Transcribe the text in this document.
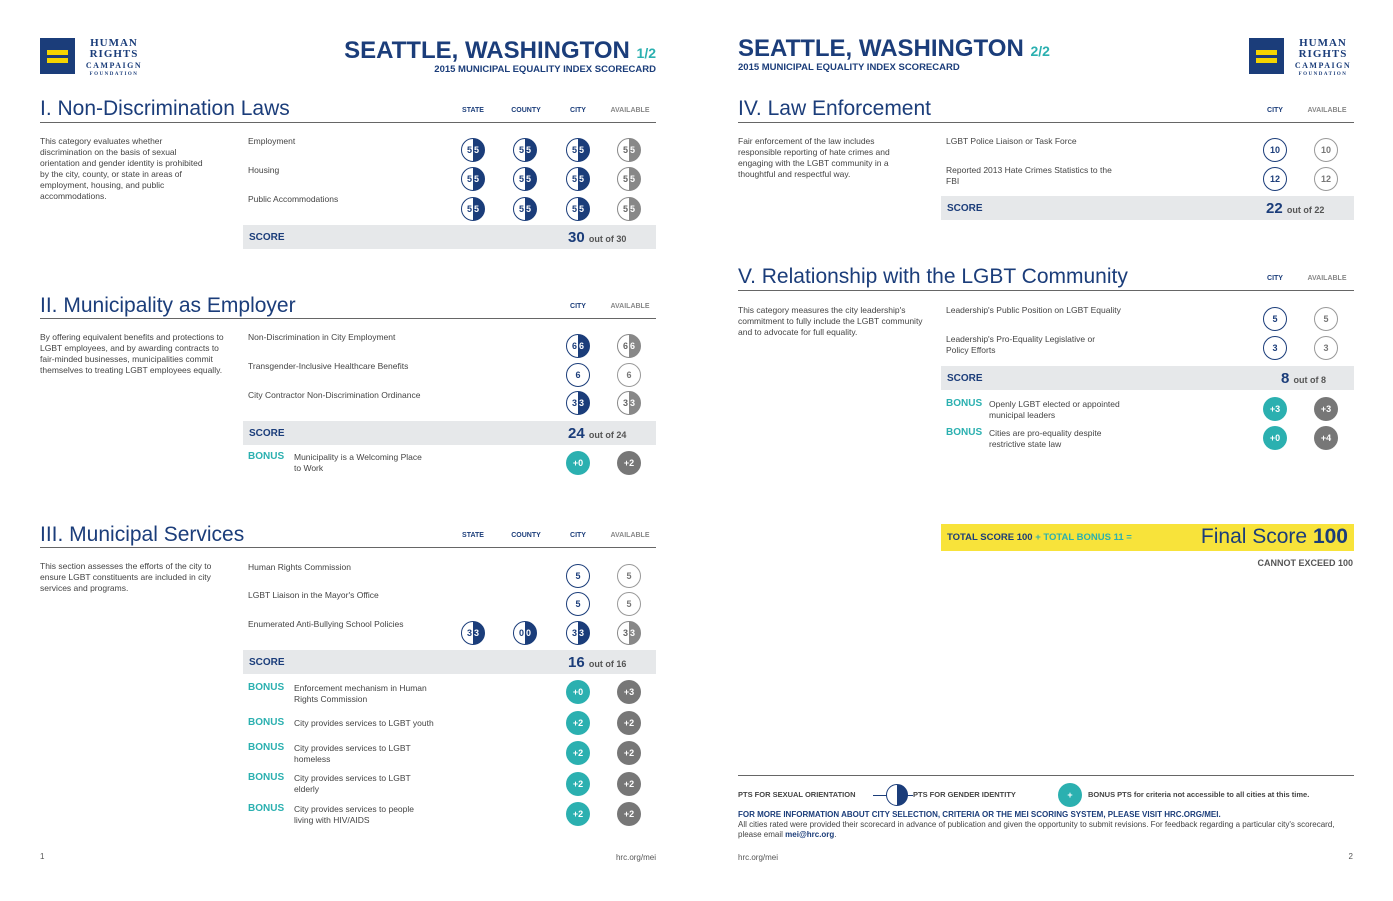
HUMAN
RIGHTS
CAMPAIGN
FOUNDATION
SEATTLE, WASHINGTON 1/2
2015 MUNICIPAL EQUALITY INDEX SCORECARD
I. Non-Discrimination Laws	STATE	COUNTY	CITY	AVAILABLE
This category evaluates whether discrimination on the basis of sexual orientation and gender identity is prohibited by the city, county, or state in areas of employment, housing, and public accommodations.
Employment
5 5	5 5	5 5	5 5
Housing
5 5	5 5	5 5	5 5
Public Accommodations
5 5	5 5	5 5	5 5
SCORE	30 out of 30
II. Municipality as Employer	CITY	AVAILABLE
By offering equivalent benefits and protections to LGBT employees, and by awarding contracts to fair-minded businesses, municipalities commit themselves to treating LGBT employees equally.
Non-Discrimination in City Employment
6 6	6 6
Transgender-Inclusive Healthcare Benefits
6	6
City Contractor Non-Discrimination Ordinance
3 3	3 3
SCORE	24 out of 24
BONUS Municipality is a Welcoming Place to Work	+0	+2
III. Municipal Services	STATE	COUNTY	CITY	AVAILABLE
This section assesses the efforts of the city to ensure LGBT constituents are included in city services and programs.
Human Rights Commission
5	5
LGBT Liaison in the Mayor's Office
5	5
Enumerated Anti-Bullying School Policies
3 3	0 0	3 3	3 3
SCORE	16 out of 16
BONUS Enforcement mechanism in Human Rights Commission
+0	+3
BONUS City provides services to LGBT youth	+2	+2
BONUS City provides services to LGBT homeless
+2	+2
BONUS City provides services to LGBT elderly	+2	+2
BONUS City provides services to people living with HIV/AIDS
+2	+2
1	hrc.org/mei
SEATTLE, WASHINGTON 2/2
2015 MUNICIPAL EQUALITY INDEX SCORECARD
HUMAN
RIGHTS
CAMPAIGN
FOUNDATION
IV. Law Enforcement	CITY	AVAILABLE
Fair enforcement of the law includes responsible reporting of hate crimes and engaging with the LGBT community in a thoughtful and respectful way.
LGBT Police Liaison or Task Force
10	10
Reported 2013 Hate Crimes Statistics to the FBI	12	12
SCORE	22 out of 22
V. Relationship with the LGBT Community	CITY	AVAILABLE
This category measures the city leadership's commitment to fully include the LGBT community and to advocate for full equality.
Leadership's Public Position on LGBT Equality
5	5
Leadership's Pro-Equality Legislative or Policy Efforts	3	3
SCORE	8 out of 8
BONUS Openly LGBT elected or appointed municipal leaders
+3	+3
BONUS Cities are pro-equality despite restrictive state law
+0	+4
TOTAL SCORE 100 + TOTAL BONUS 11 =	Final Score 100
CANNOT EXCEED 100
PTS FOR SEXUAL ORIENTATION	PTS FOR GENDER IDENTITY	+	BONUS PTS for criteria not accessible to all cities at this time.
FOR MORE INFORMATION ABOUT CITY SELECTION, CRITERIA OR THE MEI SCORING SYSTEM, PLEASE VISIT HRC.ORG/MEI.
All cities rated were provided their scorecard in advance of publication and given the opportunity to submit revisions. For feedback regarding a particular city's scorecard, please email mei@hrc.org.
hrc.org/mei	2
